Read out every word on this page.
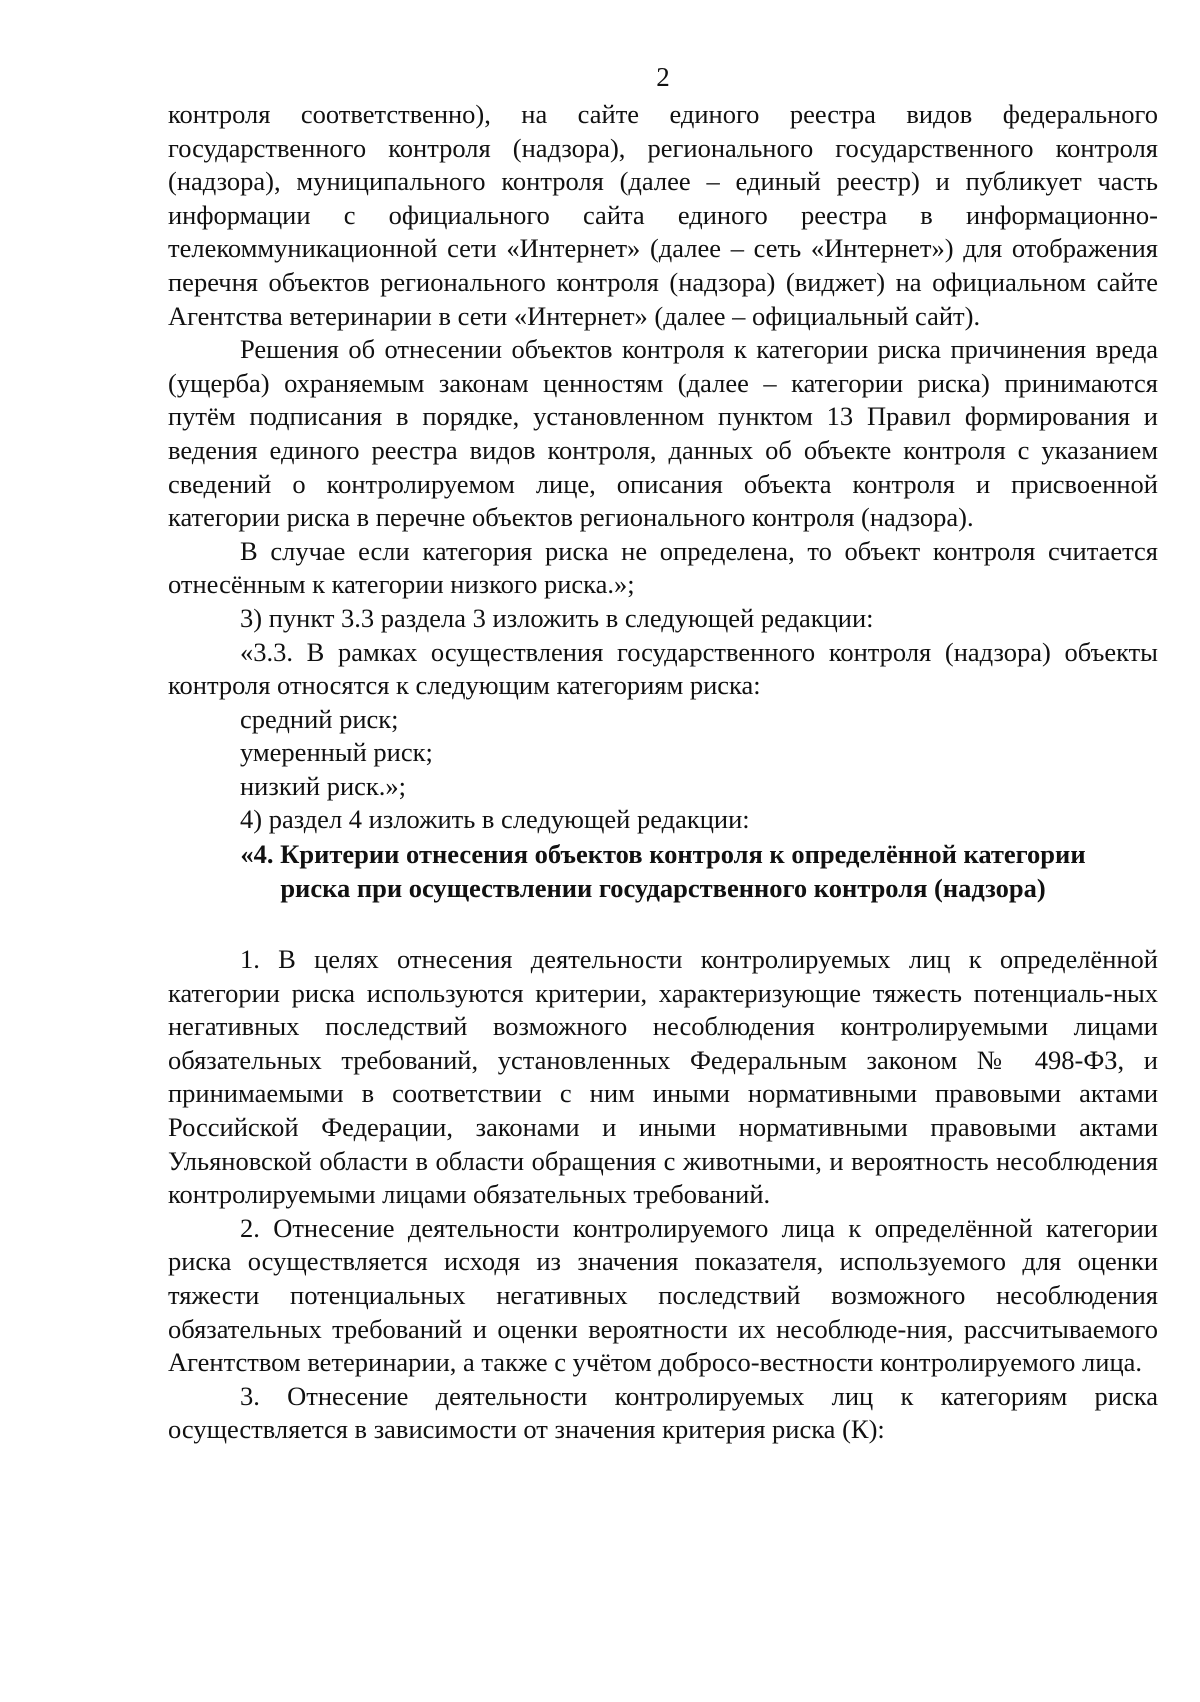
2

контроля соответственно), на сайте единого реестра видов федерального государственного контроля (надзора), регионального государственного контроля (надзора), муниципального контроля (далее – единый реестр) и публикует часть информации с официального сайта единого реестра в информационно-телекоммуникационной сети «Интернет» (далее – сеть «Интернет») для отображения перечня объектов регионального контроля (надзора) (виджет) на официальном сайте Агентства ветеринарии в сети «Интернет» (далее – официальный сайт).

Решения об отнесении объектов контроля к категории риска причинения вреда (ущерба) охраняемым законам ценностям (далее – категории риска) принимаются путём подписания в порядке, установленном пунктом 13 Правил формирования и ведения единого реестра видов контроля, данных об объекте контроля с указанием сведений о контролируемом лице, описания объекта контроля и присвоенной категории риска в перечне объектов регионального контроля (надзора).

В случае если категория риска не определена, то объект контроля считается отнесённым к категории низкого риска.»;

3) пункт 3.3 раздела 3 изложить в следующей редакции:

«3.3. В рамках осуществления государственного контроля (надзора) объекты контроля относятся к следующим категориям риска:

средний риск;

умеренный риск;

низкий риск.»;

4) раздел 4 изложить в следующей редакции:

«4. Критерии отнесения объектов контроля к определённой категории

риска при осуществлении государственного контроля (надзора)

1. В целях отнесения деятельности контролируемых лиц к определённой категории риска используются критерии, характеризующие тяжесть потенциаль-ных негативных последствий возможного несоблюдения контролируемыми лицами обязательных требований, установленных Федеральным законом № 498-ФЗ, и принимаемыми в соответствии с ним иными нормативными правовыми актами Российской Федерации, законами и иными нормативными правовыми актами Ульяновской области в области обращения с животными, и вероятность несоблюдения контролируемыми лицами обязательных требований.

2. Отнесение деятельности контролируемого лица к определённой категории риска осуществляется исходя из значения показателя, используемого для оценки тяжести потенциальных негативных последствий возможного несоблюдения обязательных требований и оценки вероятности их несоблюде-ния, рассчитываемого Агентством ветеринарии, а также с учётом добросо-вестности контролируемого лица.

3. Отнесение деятельности контролируемых лиц к категориям риска осуществляется в зависимости от значения критерия риска (К):
